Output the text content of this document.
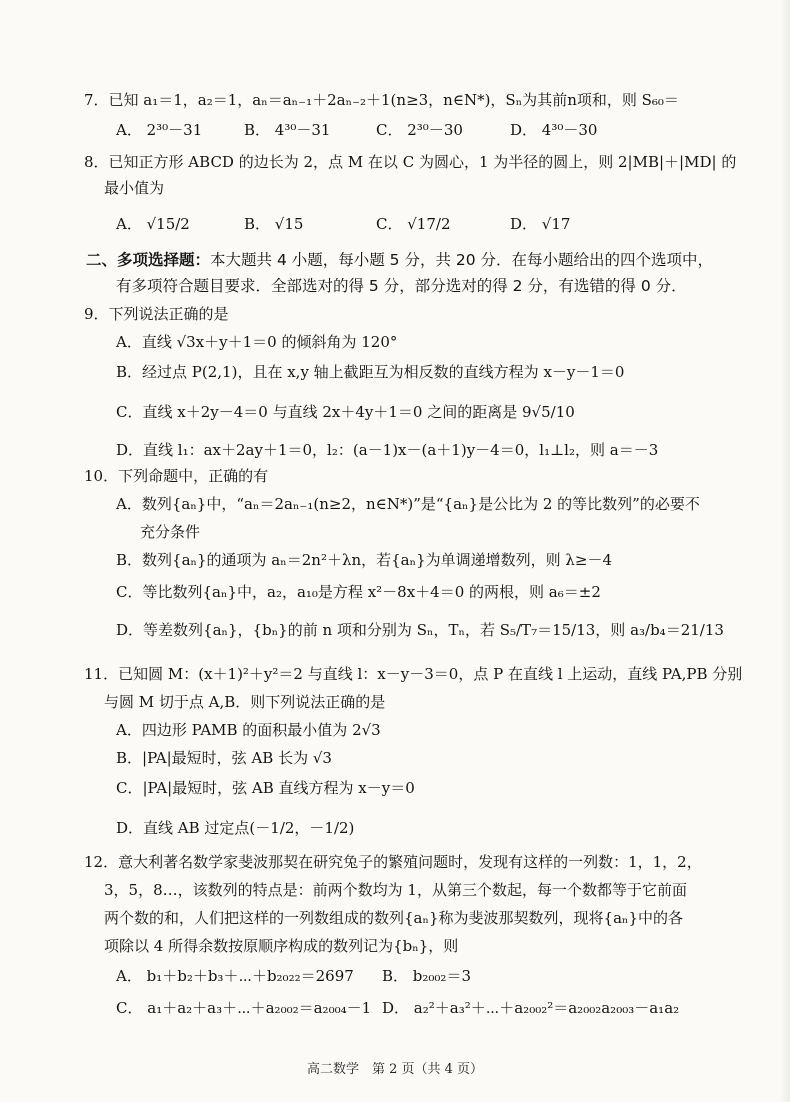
7．已知 a₁＝1，a₂＝1，aₙ＝aₙ₋₁＋2aₙ₋₂＋1(n≥3，n∈N*)，Sₙ为其前n项和，则 S₆₀＝
A． 2³⁰－31	B． 4³⁰－31	C． 2³⁰－30	D． 4³⁰－30
8．已知正方形 ABCD 的边长为 2，点 M 在以 C 为圆心，1 为半径的圆上，则 2|MB|＋|MD| 的
最小值为
A． √15/2	B． √15	C． √17/2	D． √17
二、多项选择题：本大题共 4 小题，每小题 5 分，共 20 分．在每小题给出的四个选项中，
有多项符合题目要求．全部选对的得 5 分，部分选对的得 2 分，有选错的得 0 分．
9．下列说法正确的是
A．直线 √3x＋y＋1＝0 的倾斜角为 120°
B．经过点 P(2,1)，且在 x,y 轴上截距互为相反数的直线方程为 x－y－1＝0
C．直线 x＋2y－4＝0 与直线 2x＋4y＋1＝0 之间的距离是 9√5/10
D．直线 l₁：ax＋2ay＋1＝0，l₂：(a－1)x－(a＋1)y－4＝0，l₁⊥l₂，则 a＝－3
10．下列命题中，正确的有
A．数列{aₙ}中，“aₙ＝2aₙ₋₁(n≥2，n∈N*)”是“{aₙ}是公比为 2 的等比数列”的必要不
充分条件
B．数列{aₙ}的通项为 aₙ＝2n²＋λn，若{aₙ}为单调递增数列，则 λ≥－4
C．等比数列{aₙ}中，a₂，a₁₀是方程 x²－8x＋4＝0 的两根，则 a₆＝±2
D．等差数列{aₙ}，{bₙ}的前 n 项和分别为 Sₙ，Tₙ，若 S₅/T₇＝15/13，则 a₃/b₄＝21/13
11．已知圆 M：(x＋1)²＋y²＝2 与直线 l：x－y－3＝0，点 P 在直线 l 上运动，直线 PA,PB 分别
与圆 M 切于点 A,B．则下列说法正确的是
A．四边形 PAMB 的面积最小值为 2√3
B．|PA|最短时，弦 AB 长为 √3
C．|PA|最短时，弦 AB 直线方程为 x－y＝0
D．直线 AB 过定点(－1/2，－1/2)
12．意大利著名数学家斐波那契在研究兔子的繁殖问题时，发现有这样的一列数：1，1，2，
3，5，8…，该数列的特点是：前两个数均为 1，从第三个数起，每一个数都等于它前面
两个数的和，人们把这样的一列数组成的数列{aₙ}称为斐波那契数列，现将{aₙ}中的各
项除以 4 所得余数按原顺序构成的数列记为{bₙ}，则
A． b₁＋b₂＋b₃＋⋯＋b₂₀₂₂＝2697 B． b₂₀₀₂＝3
C． a₁＋a₂＋a₃＋⋯＋a₂₀₀₂＝a₂₀₀₄－1 D． a₂²＋a₃²＋⋯＋a₂₀₀₂²＝a₂₀₀₂a₂₀₀₃－a₁a₂
高二数学　第 2 页（共 4 页）
